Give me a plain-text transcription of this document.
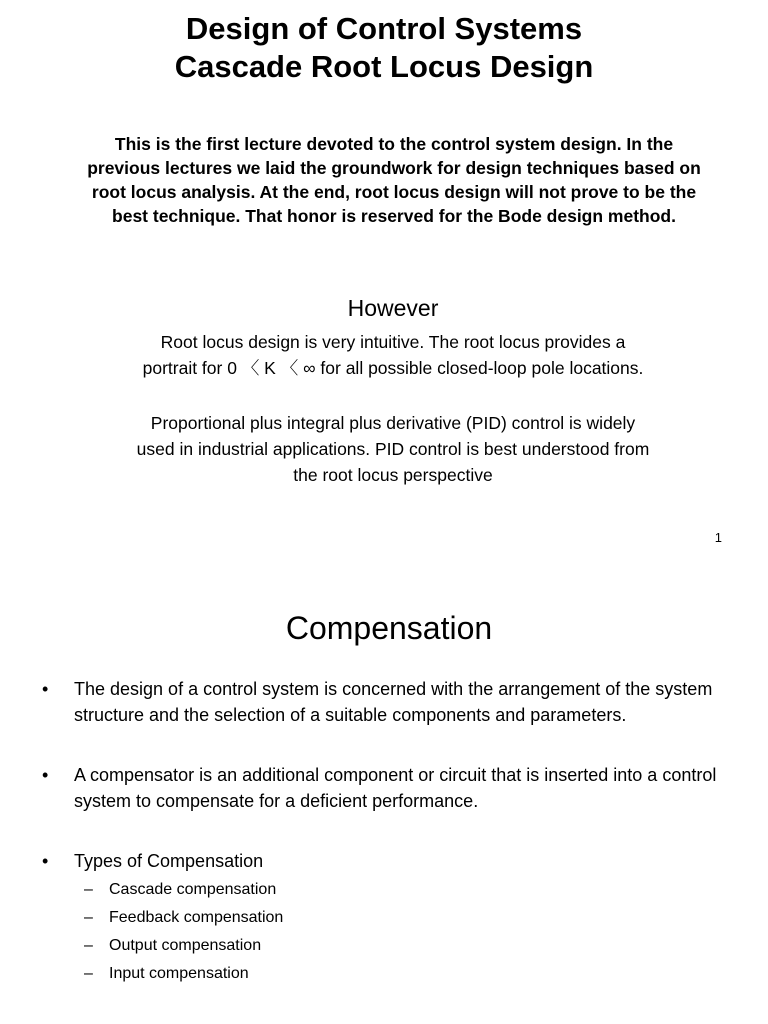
Design of Control Systems
Cascade Root Locus Design
This is the first lecture devoted to the control system design. In the previous lectures we laid the groundwork for design techniques based on root locus analysis. At the end, root locus design will not prove to be the best technique. That honor is reserved for the Bode design method.
However
Root locus design is very intuitive. The root locus provides a portrait for 0 〈 K 〈 ∞ for all possible closed-loop pole locations.
Proportional plus integral plus derivative (PID) control is widely used in industrial applications. PID control is best understood from the root locus perspective
1
Compensation
• The design of a control system is concerned with the arrangement of the system structure and the selection of a suitable components and parameters.
• A compensator is an additional component or circuit that is inserted into a control system to compensate for a deficient performance.
• Types of Compensation
– Cascade compensation
– Feedback compensation
– Output compensation
– Input compensation
